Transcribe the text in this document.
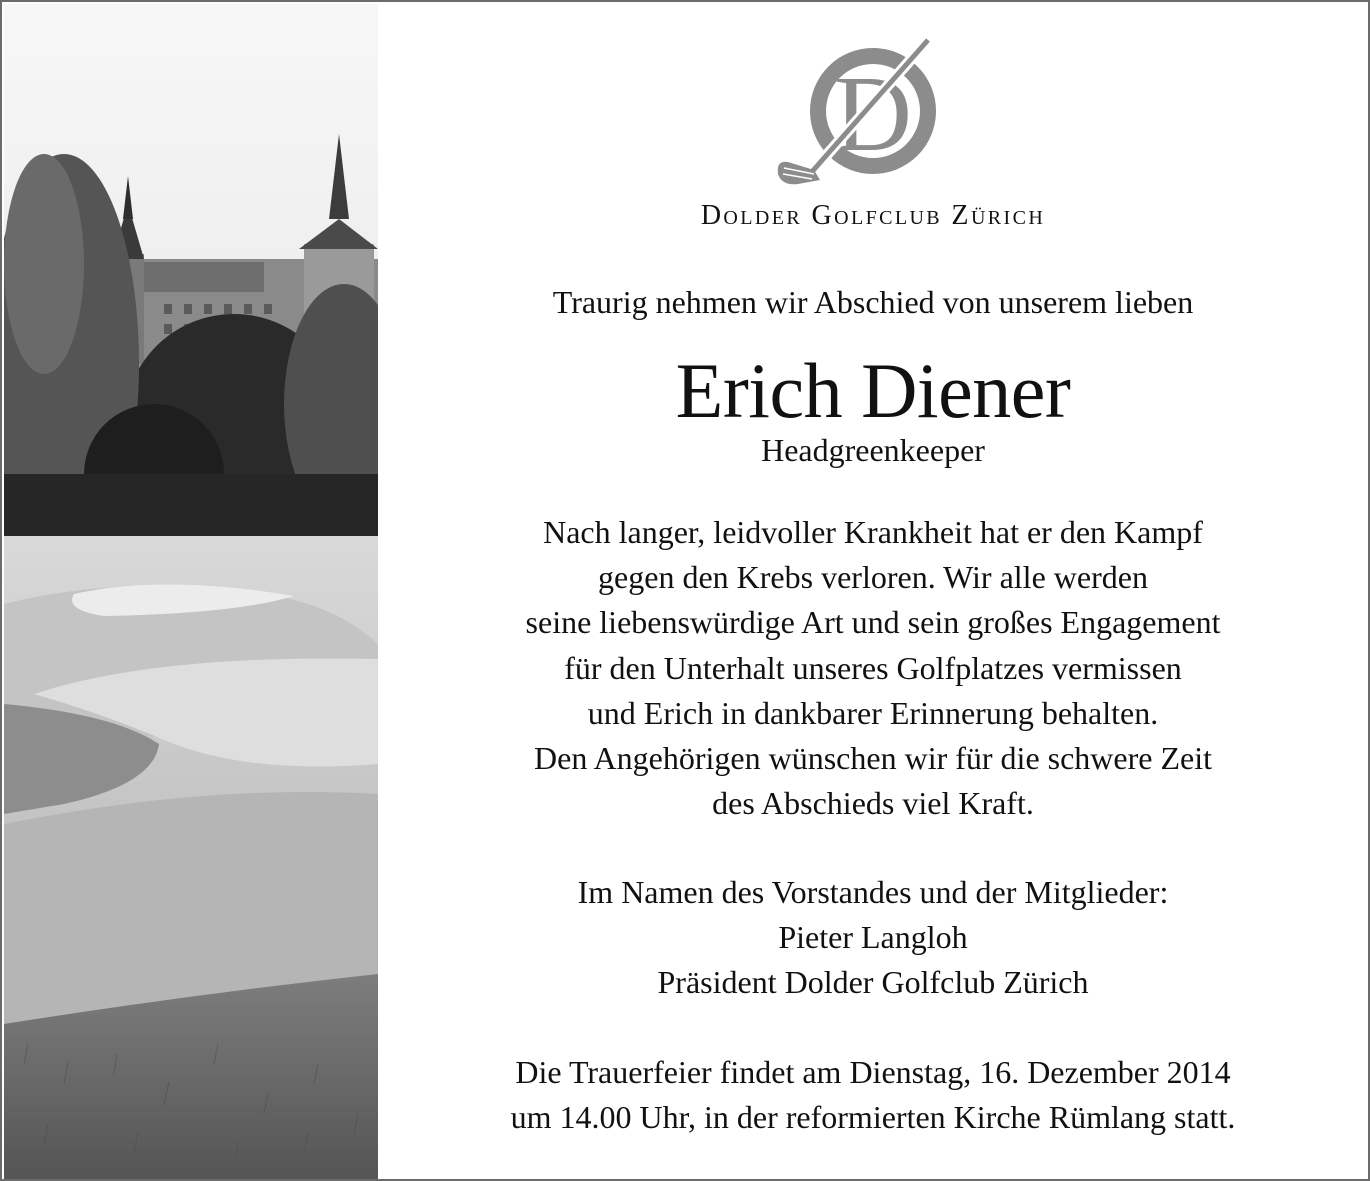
D
Dolder Golfclub Zürich
Traurig nehmen wir Abschied von unserem lieben
Erich Diener
Headgreenkeeper
Nach langer, leidvoller Krankheit hat er den Kampf
gegen den Krebs verloren. Wir alle werden
seine liebenswürdige Art und sein großes Engagement
für den Unterhalt unseres Golfplatzes vermissen
und Erich in dankbarer Erinnerung behalten.
Den Angehörigen wünschen wir für die schwere Zeit
des Abschieds viel Kraft.
Im Namen des Vorstandes und der Mitglieder:
Pieter Langloh
Präsident Dolder Golfclub Zürich
Die Trauerfeier findet am Dienstag, 16. Dezember 2014
um 14.00 Uhr, in der reformierten Kirche Rümlang statt.
